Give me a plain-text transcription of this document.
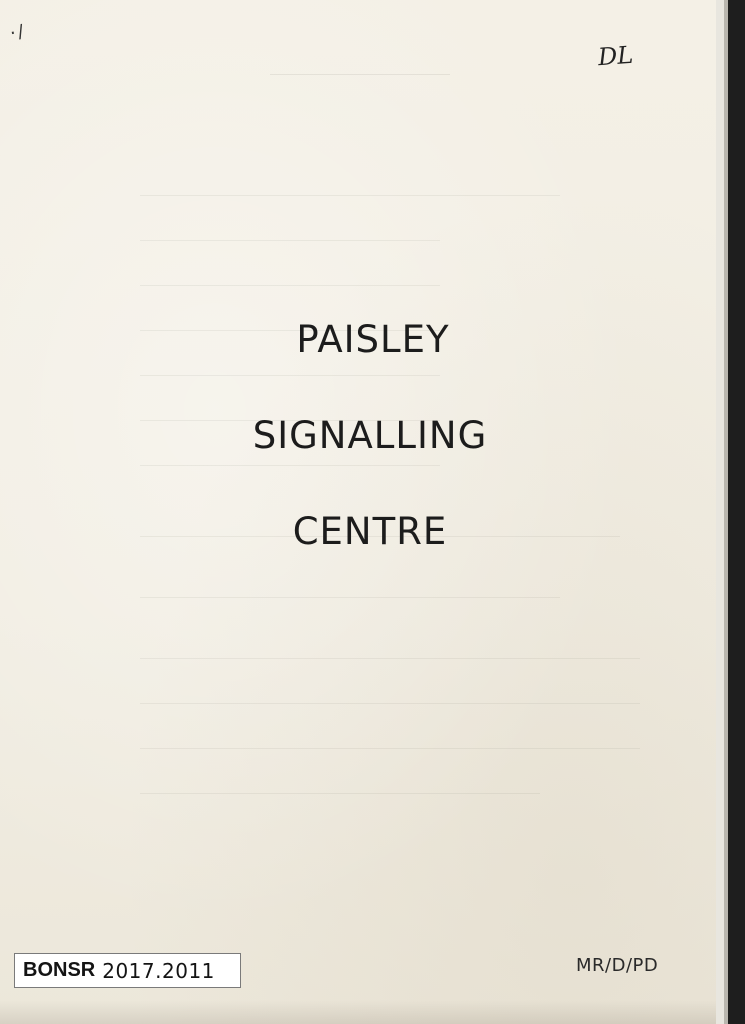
·/
DL
PAISLEY
SIGNALLING
CENTRE
BONSR 2017.2011	MR/D/PD
